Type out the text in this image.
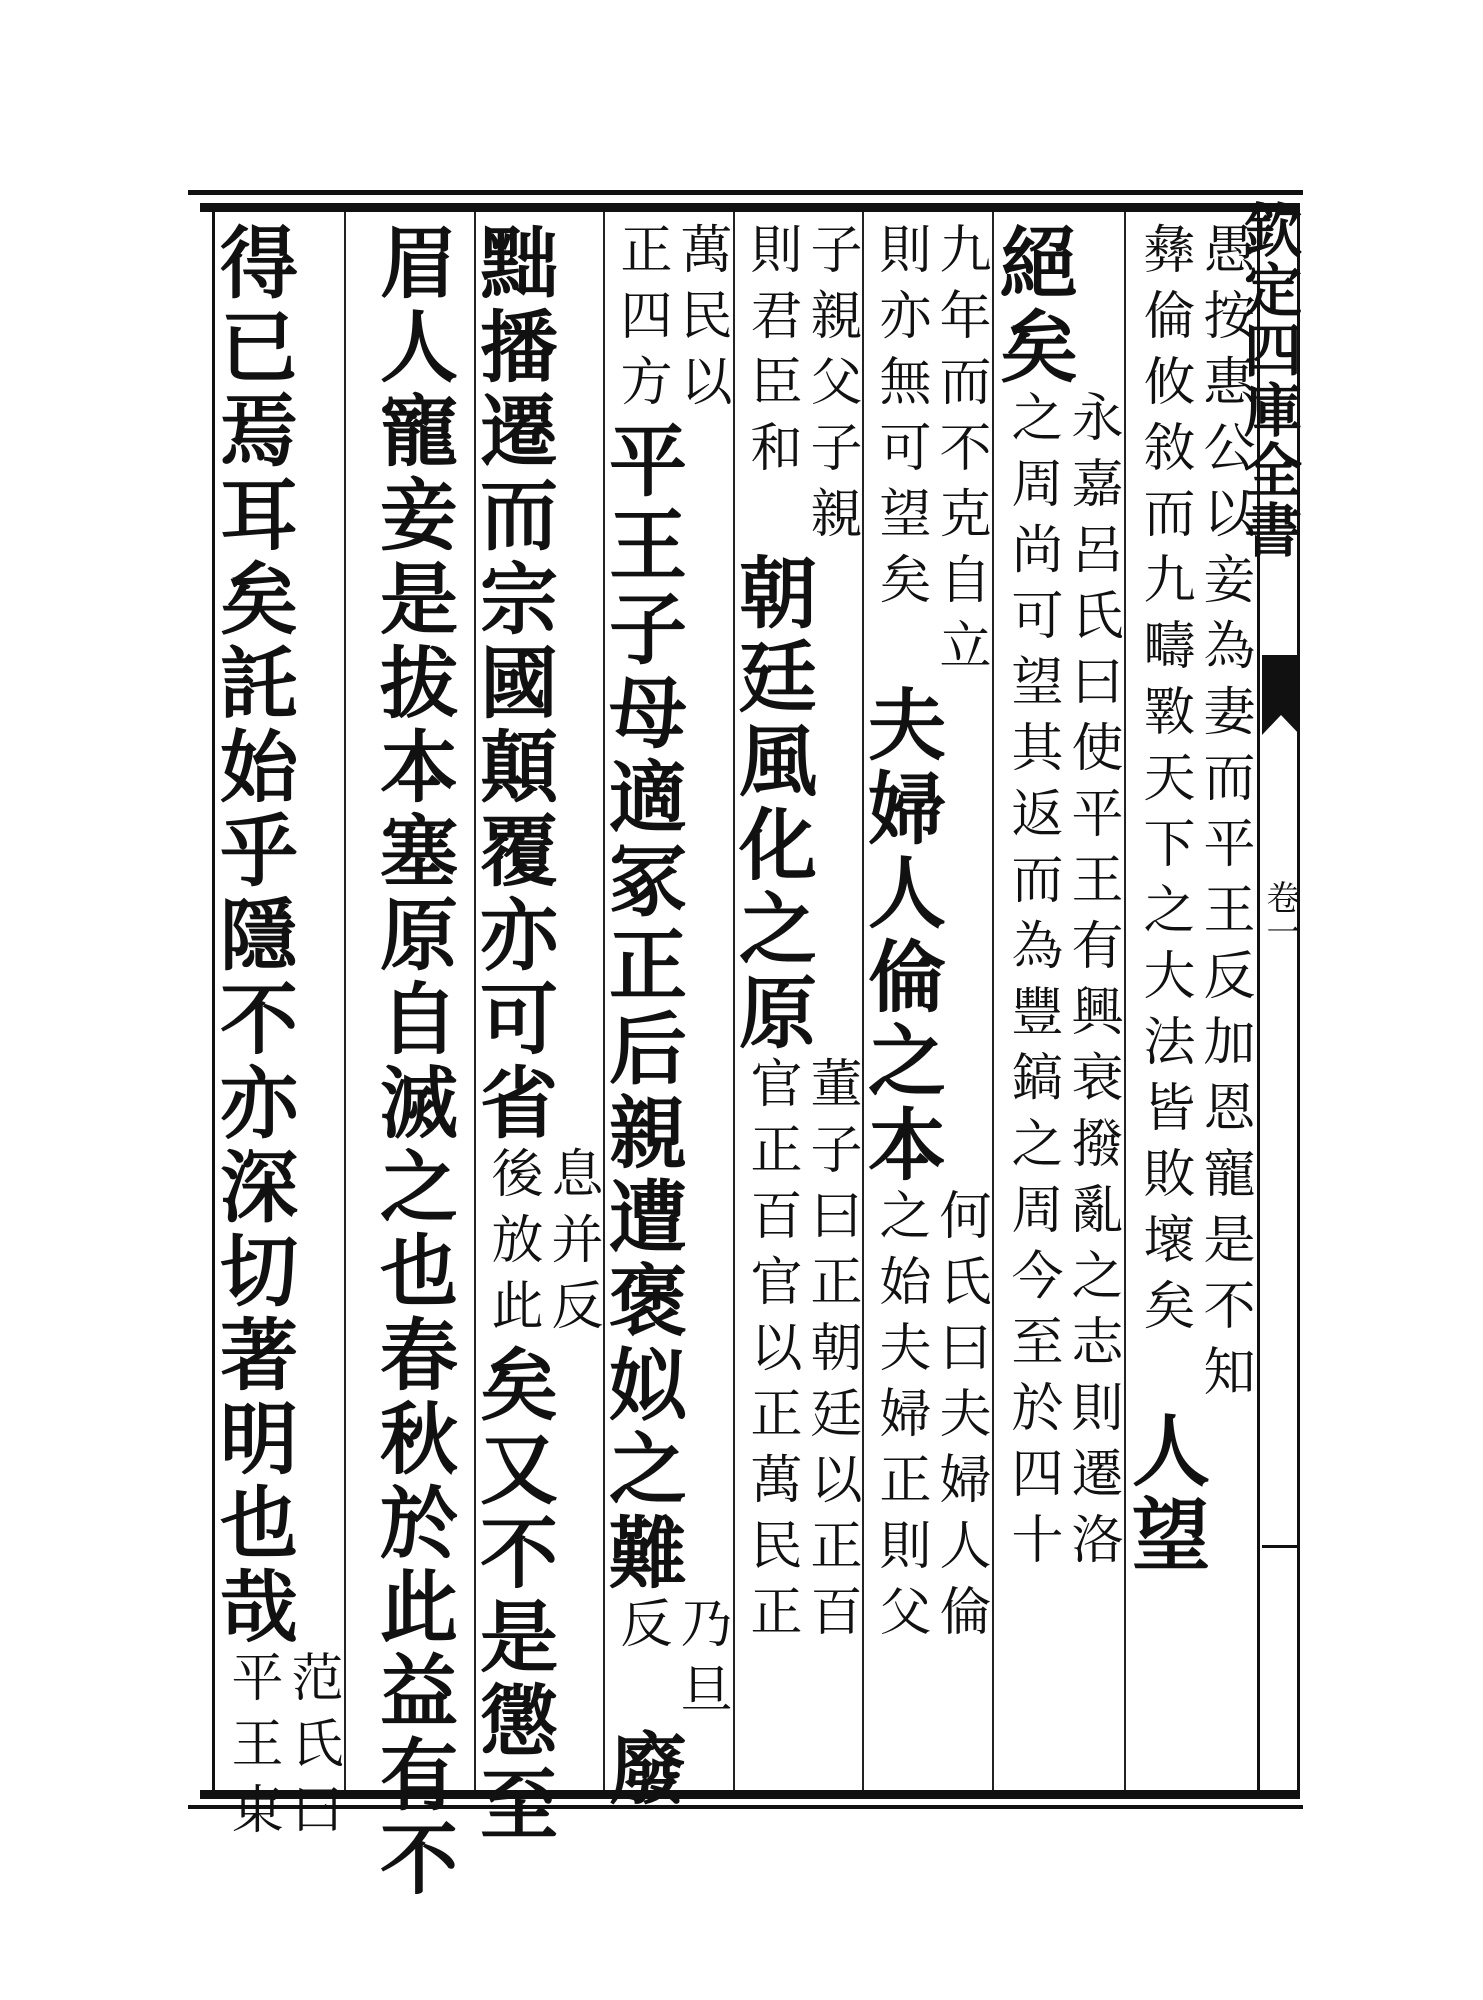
欽定四庫全書
卷一
愚按惠公以妾為妻而平王反加恩寵是不知
彝倫攸敘而九疇斁天下之大法皆敗壞矣
人望
絕矣
永嘉呂氏曰使平王有興衰撥亂之志則遷洛
之周尚可望其返而為豐鎬之周今至於四十
九年而不克自立
則亦無可望矣
夫婦人倫之本
何氏曰夫婦人倫
之始夫婦正則父
子親父子親
則君臣和
朝廷風化之原
董子曰正朝廷以正百
官正百官以正萬民正
萬民以
正四方
平王子母適冢正后親遭褒姒之難
乃旦
反
廢
黜播遷而宗國顛覆亦可省
息并反
後放此
矣又不是懲至
眉人寵妾是拔本塞原自滅之也春秋於此益有不
得已焉耳矣託始乎隱不亦深切著明也哉
范氏曰
平王東
